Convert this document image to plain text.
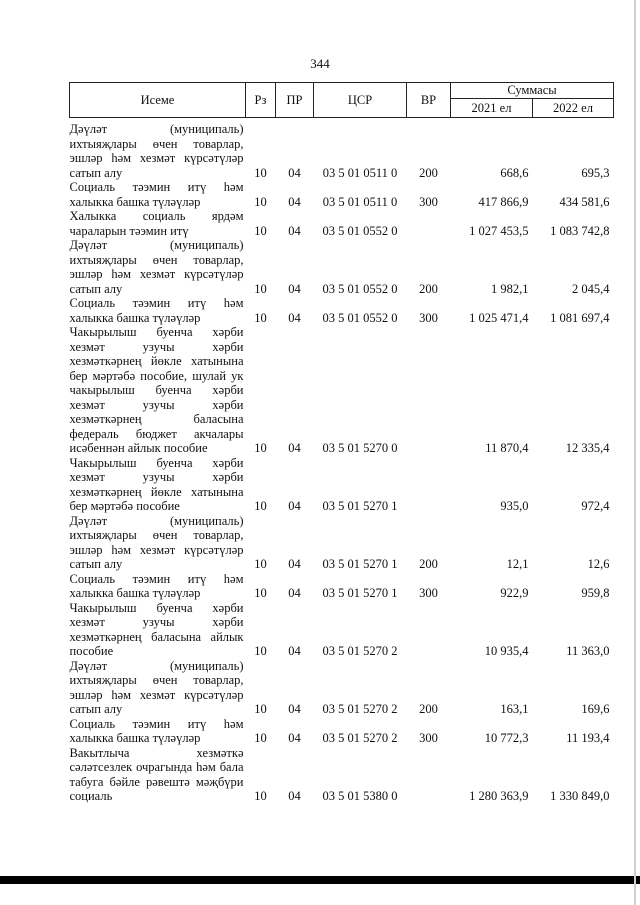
344
Исеме	Рз	ПР	ЦСР	ВР	Суммасы	
					2021 ел	2022 ел
Дәүләт (муниципаль) ихтыяҗлары өчен товарлар, эшләр һәм хезмәт күрсәтүләр сатып алу	10	04	03 5 01 0511 0	200	668,6	695,3
Социаль тәэмин итү һәм халыкка башка түләүләр	10	04	03 5 01 0511 0	300	417 866,9	434 581,6
Халыкка социаль ярдәм чараларын тәэмин итү	10	04	03 5 01 0552 0		1 027 453,5	1 083 742,8
Дәүләт (муниципаль) ихтыяҗлары өчен товарлар, эшләр һәм хезмәт күрсәтүләр сатып алу	10	04	03 5 01 0552 0	200	1 982,1	2 045,4
Социаль тәэмин итү һәм халыкка башка түләүләр	10	04	03 5 01 0552 0	300	1 025 471,4	1 081 697,4
Чакырылыш буенча хәрби хезмәт узучы хәрби хезмәткәрнең йөкле хатынына бер мәртәбә пособие, шулай ук чакырылыш буенча хәрби хезмәт узучы хәрби хезмәткәрнең баласына федераль бюджет акчалары исәбеннән айлык пособие	10	04	03 5 01 5270 0		11 870,4	12 335,4
Чакырылыш буенча хәрби хезмәт узучы хәрби хезмәткәрнең йөкле хатынына бер мәртәбә пособие	10	04	03 5 01 5270 1		935,0	972,4
Дәүләт (муниципаль) ихтыяҗлары өчен товарлар, эшләр һәм хезмәт күрсәтүләр сатып алу	10	04	03 5 01 5270 1	200	12,1	12,6
Социаль тәэмин итү һәм халыкка башка түләүләр	10	04	03 5 01 5270 1	300	922,9	959,8
Чакырылыш буенча хәрби хезмәт узучы хәрби хезмәткәрнең баласына айлык пособие	10	04	03 5 01 5270 2		10 935,4	11 363,0
Дәүләт (муниципаль) ихтыяҗлары өчен товарлар, эшләр һәм хезмәт күрсәтүләр сатып алу	10	04	03 5 01 5270 2	200	163,1	169,6
Социаль тәэмин итү һәм халыкка башка түләүләр	10	04	03 5 01 5270 2	300	10 772,3	11 193,4
Вакытлыча хезмәткә сәләтсезлек очрагында һәм бала табуга бәйле рәвештә мәҗбүри социаль	10	04	03 5 01 5380 0		1 280 363,9	1 330 849,0
